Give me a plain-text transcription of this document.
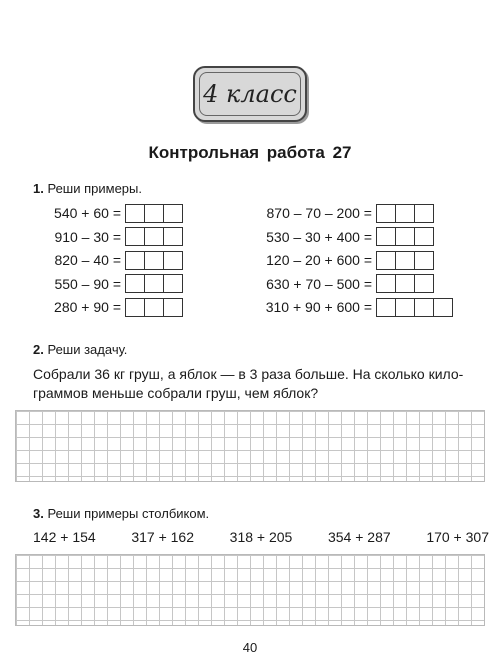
4 класс
Контрольная работа 27
1. Реши примеры.
540 + 60 =
910 – 30 =
820 – 40 =
550 – 90 =
280 + 90 =
870 – 70 – 200 =
530 – 30 + 400 =
120 – 20 + 600 =
630 + 70 – 500 =
310 + 90 + 600 =
2. Реши задачу.
Собрали 36 кг груш, а яблок — в 3 раза больше. На сколько кило-
граммов меньше собрали груш, чем яблок?
3. Реши примеры столбиком.
142 + 154	317 + 162	318 + 205	354 + 287	170 + 307
40
